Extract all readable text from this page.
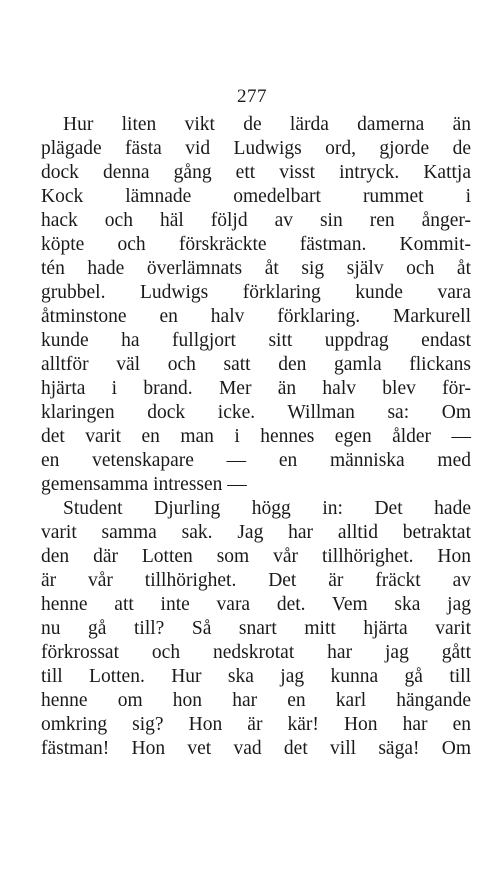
277
Hur liten vikt de lärda damerna än
plägade fästa vid Ludwigs ord, gjorde de
dock denna gång ett visst intryck. Kattja
Kock lämnade omedelbart rummet i
hack och häl följd av sin ren ånger-
köpte och förskräckte fästman. Kommit-
tén hade överlämnats åt sig själv och åt
grubbel. Ludwigs förklaring kunde vara
åtminstone en halv förklaring. Markurell
kunde ha fullgjort sitt uppdrag endast
alltför väl och satt den gamla flickans
hjärta i brand. Mer än halv blev för-
klaringen dock icke. Willman sa: Om
det varit en man i hennes egen ålder —
en vetenskapare — en människa med
gemensamma intressen —
Student Djurling högg in: Det hade
varit samma sak. Jag har alltid betraktat
den där Lotten som vår tillhörighet. Hon
är vår tillhörighet. Det är fräckt av
henne att inte vara det. Vem ska jag
nu gå till? Så snart mitt hjärta varit
förkrossat och nedskrotat har jag gått
till Lotten. Hur ska jag kunna gå till
henne om hon har en karl hängande
omkring sig? Hon är kär! Hon har en
fästman! Hon vet vad det vill säga! Om
